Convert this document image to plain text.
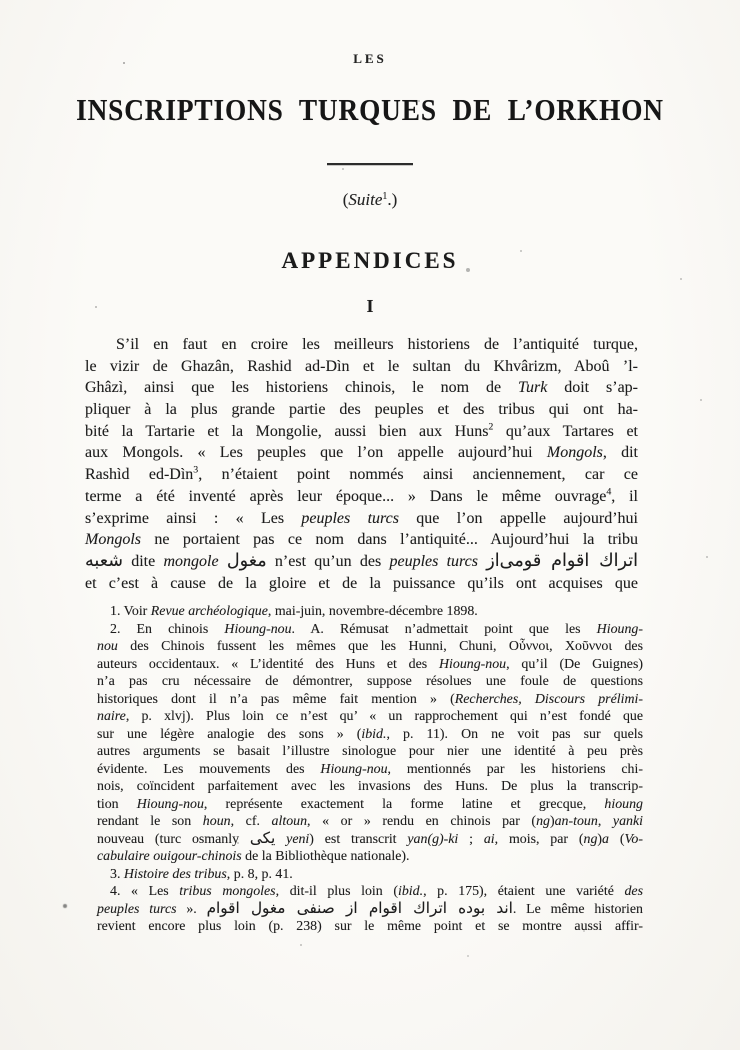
LES
INSCRIPTIONS TURQUES DE L’ORKHON
(Suite$^1$.)
APPENDICES
I
S’il en faut en croire les meilleurs historiens de l’antiquité turque,
le vizir de Ghazân, Rashid ad-Dìn et le sultan du Khvârizm, Aboû ’l-
Ghâzì, ainsi que les historiens chinois, le nom de Turk doit s’ap-
pliquer à la plus grande partie des peuples et des tribus qui ont ha-
bité la Tartarie et la Mongolie, aussi bien aux Huns$^2$ qu’aux Tartares et
aux Mongols. « Les peuples que l’on appelle aujourd’hui Mongols, dit
Rashìd ed-Dìn$^3$, n’étaient point nommés ainsi anciennement, car ce
terme a été inventé après leur époque... » Dans le même ouvrage$^4$, il
s’exprime ainsi : « Les peuples turcs que l’on appelle aujourd’hui
Mongols ne portaient pas ce nom dans l’antiquité... Aujourd’hui la tribu
شعبه dite mongole مغول n’est qu’un des peuples turcs قومى‌از اقوام اتراك
et c’est à cause de la gloire et de la puissance qu’ils ont acquises que
1. Voir Revue archéologique, mai-juin, novembre-décembre 1898.
2. En chinois Hioung-nou. A. Rémusat n’admettait point que les Hioung-
nou des Chinois fussent les mêmes que les Hunni, Chuni, Οὖννοι, Χοῦννοι des
auteurs occidentaux. « L’identité des Huns et des Hioung-nou, qu’il (De Guignes)
n’a pas cru nécessaire de démontrer, suppose résolues une foule de questions
historiques dont il n’a pas même fait mention » (Recherches, Discours prélimi-
naire, p. xlvj). Plus loin ce n’est qu’ « un rapprochement qui n’est fondé que
sur une légère analogie des sons » (ibid., p. 11). On ne voit pas sur quels
autres arguments se basait l’illustre sinologue pour nier une identité à peu près
évidente. Les mouvements des Hioung-nou, mentionnés par les historiens chi-
nois, coïncident parfaitement avec les invasions des Huns. De plus la transcrip-
tion Hioung-nou, représente exactement la forme latine et grecque, hioung
rendant le son houn, cf. altoun, « or » rendu en chinois par (ng)an-toun, yanki
nouveau (turc osmanly يكى yeni) est transcrit yan(g)-ki ; ai, mois, par (ng)a (Vo-
cabulaire ouigour-chinois de la Bibliothèque nationale).
3. Histoire des tribus, p. 8, p. 41.
4. « Les tribus mongoles, dit-il plus loin (ibid., p. 175), étaient une variété des
peuples turcs ». اقوام مغول صنفى از اقوام اتراك بوده اند. Le même historien
revient encore plus loin (p. 238) sur le même point et se montre aussi affir-
